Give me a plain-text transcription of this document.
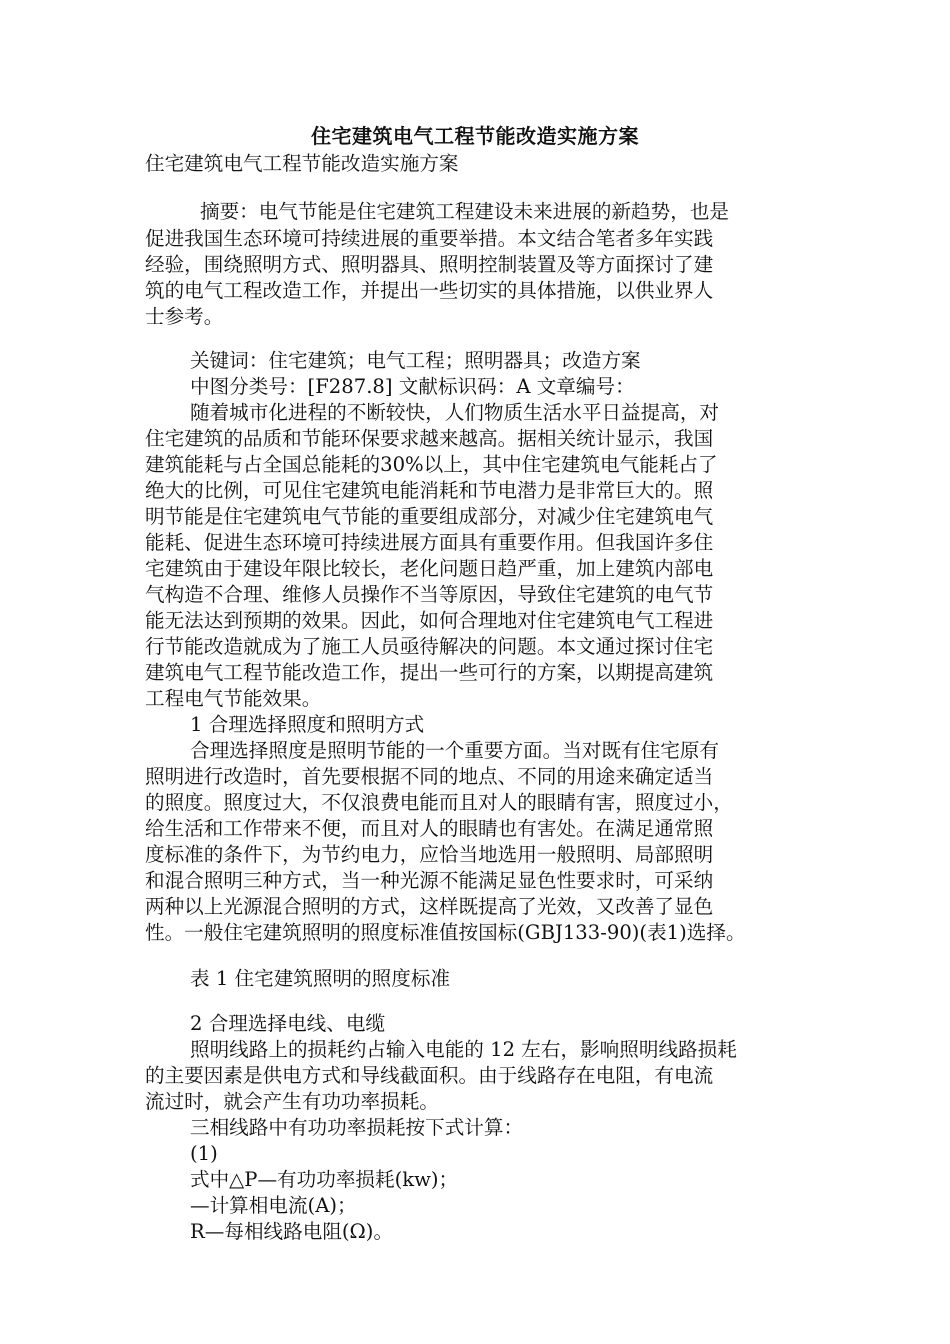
住宅建筑电气工程节能改造实施方案
住宅建筑电气工程节能改造实施方案
摘要：电气节能是住宅建筑工程建设未来进展的新趋势，也是
促进我国生态环境可持续进展的重要举措。本文结合笔者多年实践
经验，围绕照明方式、照明器具、照明控制装置及等方面探讨了建
筑的电气工程改造工作，并提出一些切实的具体措施，以供业界人
士参考。
关键词：住宅建筑；电气工程；照明器具；改造方案
中图分类号：[F287.8] 文献标识码：A 文章编号：
随着城市化进程的不断较快，人们物质生活水平日益提高，对
住宅建筑的品质和节能环保要求越来越高。据相关统计显示，我国
建筑能耗与占全国总能耗的30%以上，其中住宅建筑电气能耗占了
绝大的比例，可见住宅建筑电能消耗和节电潜力是非常巨大的。照
明节能是住宅建筑电气节能的重要组成部分，对减少住宅建筑电气
能耗、促进生态环境可持续进展方面具有重要作用。但我国许多住
宅建筑由于建设年限比较长，老化问题日趋严重，加上建筑内部电
气构造不合理、维修人员操作不当等原因，导致住宅建筑的电气节
能无法达到预期的效果。因此，如何合理地对住宅建筑电气工程进
行节能改造就成为了施工人员亟待解决的问题。本文通过探讨住宅
建筑电气工程节能改造工作，提出一些可行的方案，以期提高建筑
工程电气节能效果。
1 合理选择照度和照明方式
合理选择照度是照明节能的一个重要方面。当对既有住宅原有
照明进行改造时，首先要根据不同的地点、不同的用途来确定适当
的照度。照度过大，不仅浪费电能而且对人的眼睛有害，照度过小，
给生活和工作带来不便，而且对人的眼睛也有害处。在满足通常照
度标准的条件下，为节约电力，应恰当地选用一般照明、局部照明
和混合照明三种方式，当一种光源不能满足显色性要求时，可采纳
两种以上光源混合照明的方式，这样既提高了光效，又改善了显色
性。一般住宅建筑照明的照度标准值按国标(GBJ133-90)(表1)选择。
表 1 住宅建筑照明的照度标准
2 合理选择电线、电缆
照明线路上的损耗约占输入电能的 12 左右，影响照明线路损耗
的主要因素是供电方式和导线截面积。由于线路存在电阻，有电流
流过时，就会产生有功功率损耗。
三相线路中有功功率损耗按下式计算：
(1)
式中△P—有功功率损耗(kw)；
—计算相电流(A)；
R—每相线路电阻(Ω)。
